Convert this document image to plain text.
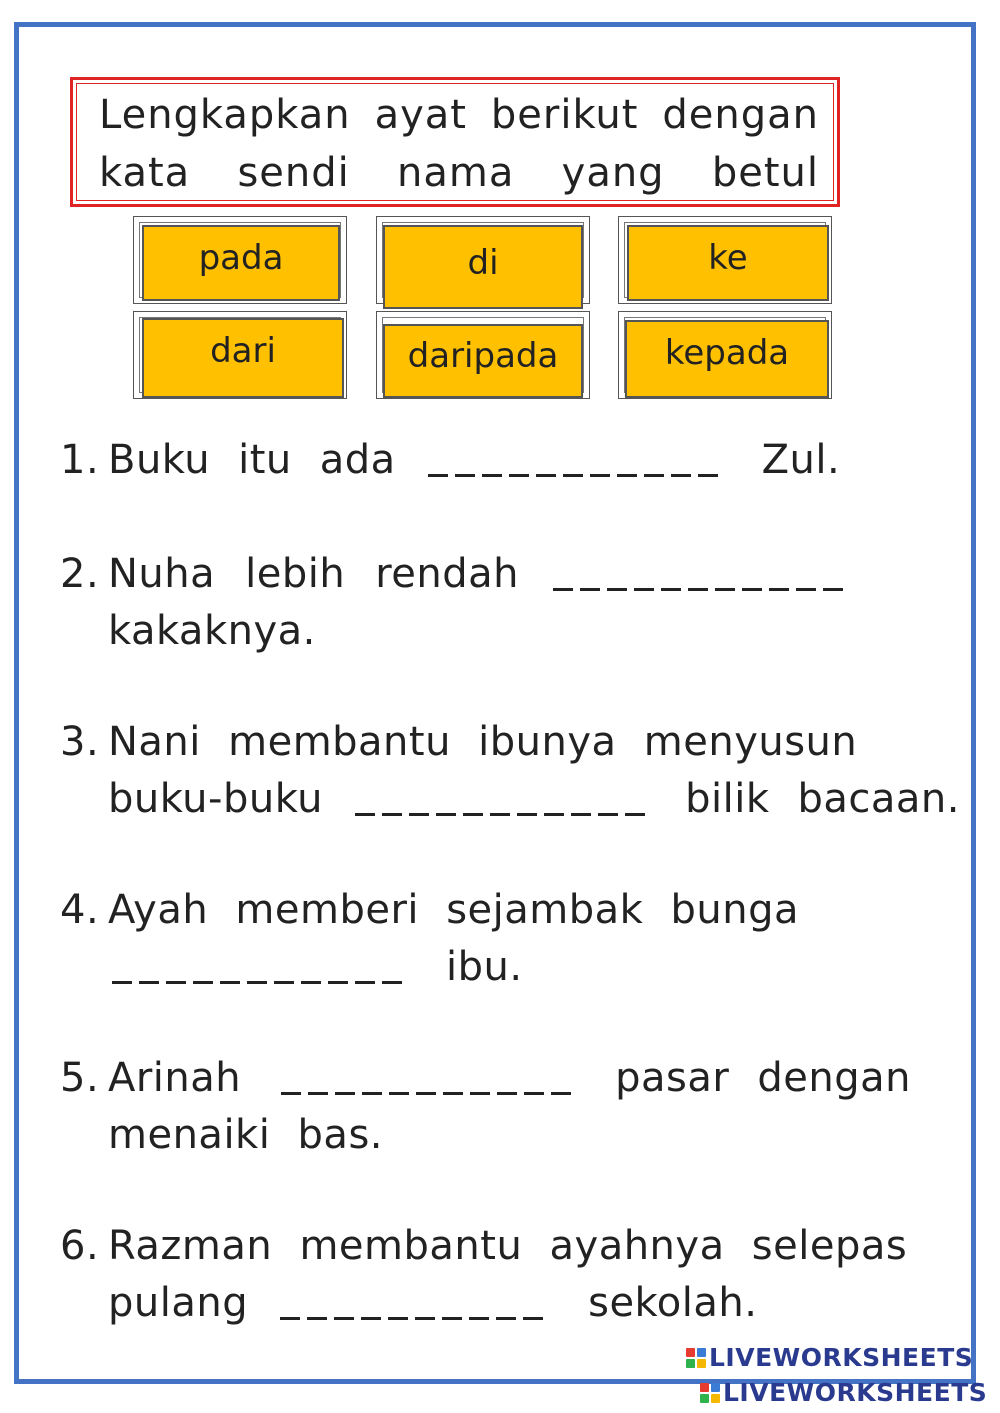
Lengkapkan ayat berikut dengan
kata sendi nama yang betul
pada	di	ke
dari	daripada	kepada
1. Buku itu ada	Zul.
2. Nuha lebih rendah
kakaknya.
3. Nani membantu ibunya menyusun
buku-buku	bilik bacaan.
4. Ayah memberi sejambak bunga
ibu.
5. Arinah	pasar dengan
menaiki bas.
6. Razman membantu ayahnya selepas
pulang	sekolah.
LIVEWORKSHEETS
LIVEWORKSHEETS
